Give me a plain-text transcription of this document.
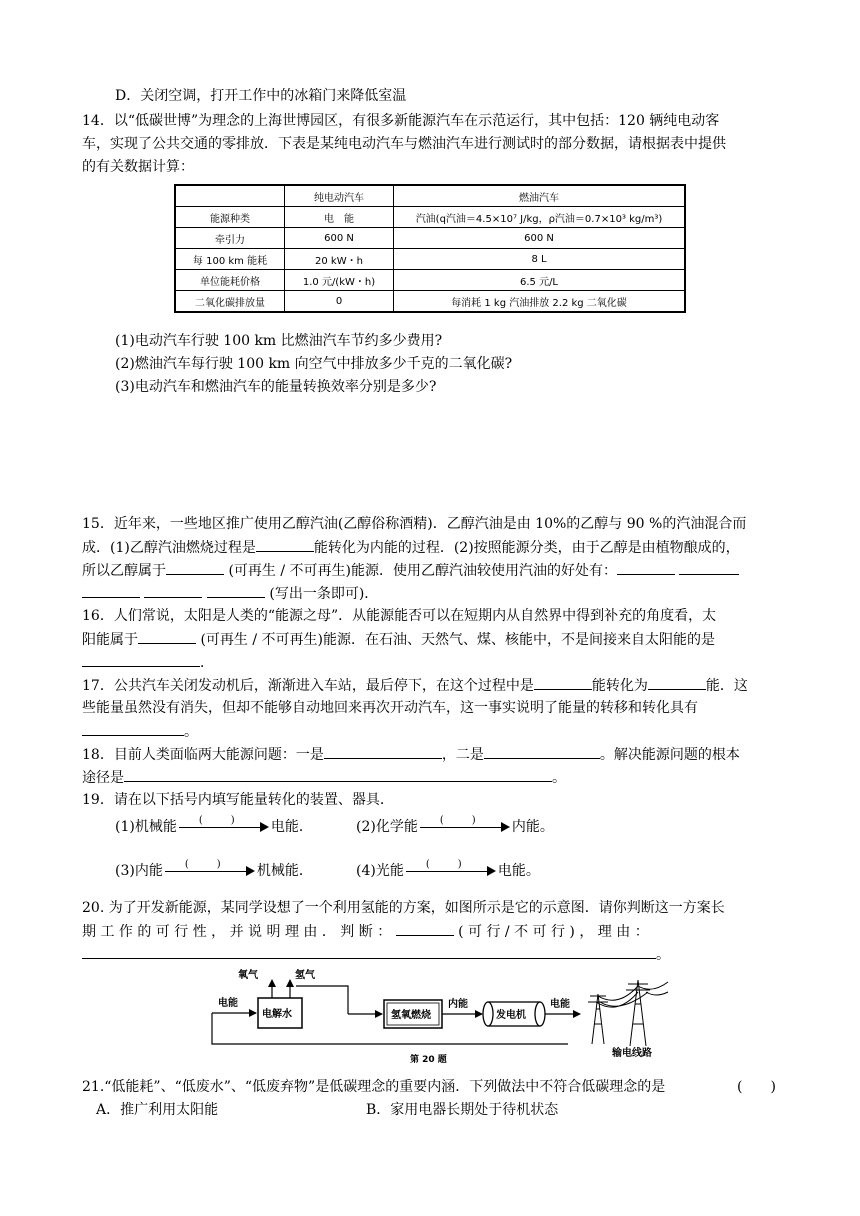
D．关闭空调，打开工作中的冰箱门来降低室温
14．以“低碳世博”为理念的上海世博园区，有很多新能源汽车在示范运行，其中包括：120 辆纯电动客
车，实现了公共交通的零排放．下表是某纯电动汽车与燃油汽车进行测试时的部分数据，请根据表中提供
的有关数据计算：
	纯电动汽车	燃油汽车
能源种类	电　能	汽油(q汽油＝4.5×10⁷ J/kg，ρ汽油＝0.7×10³ kg/m³)
牵引力	600 N	600 N
每 100 km 能耗	20 kW・h	8 L
单位能耗价格	1.0 元/(kW・h)	6.5 元/L
二氧化碳排放量	0	每消耗 1 kg 汽油排放 2.2 kg 二氧化碳
(1)电动汽车行驶 100 km 比燃油汽车节约多少费用?
(2)燃油汽车每行驶 100 km 向空气中排放多少千克的二氧化碳?
(3)电动汽车和燃油汽车的能量转换效率分别是多少?
15．近年来，一些地区推广使用乙醇汽油(乙醇俗称酒精)．乙醇汽油是由 10%的乙醇与 90 %的汽油混合而
成．(1)乙醇汽油燃烧过程是	能转化为内能的过程．(2)按照能源分类，由于乙醇是由植物酿成的，
所以乙醇属于	(可再生 / 不可再生)能源．使用乙醇汽油较使用汽油的好处有：
(写出一条即可)．
16．人们常说，太阳是人类的“能源之母”．从能源能否可以在短期内从自然界中得到补充的角度看，太
阳能属于	(可再生 / 不可再生)能源．在石油、天然气、煤、核能中，不是间接来自太阳能的是
．
17．公共汽车关闭发动机后，渐渐进入车站，最后停下，在这个过程中是	能转化为	能．这
些能量虽然没有消失，但却不能够自动地回来再次开动汽车，这一事实说明了能量的转移和转化具有
。
18．目前人类面临两大能源问题：一是	，二是	。解决能源问题的根本
途径是	。
19．请在以下括号内填写能量转化的装置、器具．
(1)机械能 () 电能．	(2)化学能 () 内能。
(3)内能 () 机械能．	(4)光能 () 电能。
20. 为了开发新能源，某同学设想了一个利用氢能的方案，如图所示是它的示意图．请你判断这一方案长
期 工 作 的 可 行 性 ， 并 说 明 理 由 ． 判 断 ：	( 可 行 / 不 可 行 ) ， 理 由 ：
。
电能
电解水
氧气	氢气
氢氧燃烧
内能
发电机
电能
输电线路
第 20 题
21.“低能耗”、“低废水”、“低废弃物”是低碳理念的重要内涵．下列做法中不符合低碳理念的是	(　　)
A．推广利用太阳能	B．家用电器长期处于待机状态
